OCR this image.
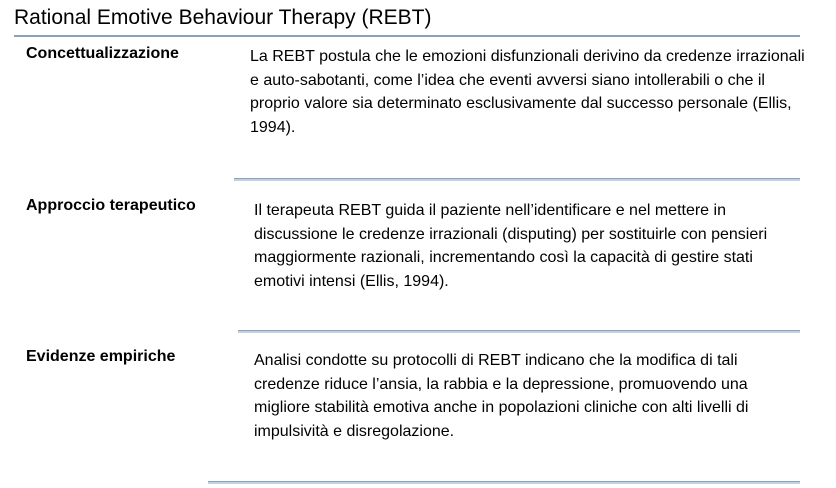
Rational Emotive Behaviour Therapy (REBT)
Concettualizzazione	La REBT postula che le emozioni disfunzionali derivino da credenze irrazionali e auto-sabotanti, come l’idea che eventi avversi siano intollerabili o che il proprio valore sia determinato esclusivamente dal successo personale (Ellis, 1994).
Approccio terapeutico	Il terapeuta REBT guida il paziente nell’identificare e nel mettere in discussione le credenze irrazionali (disputing) per sostituirle con pensieri maggiormente razionali, incrementando così la capacità di gestire stati emotivi intensi (Ellis, 1994).
Evidenze empiriche	Analisi condotte su protocolli di REBT indicano che la modifica di tali credenze riduce l’ansia, la rabbia e la depressione, promuovendo una migliore stabilità emotiva anche in popolazioni cliniche con alti livelli di impulsività e disregolazione.
